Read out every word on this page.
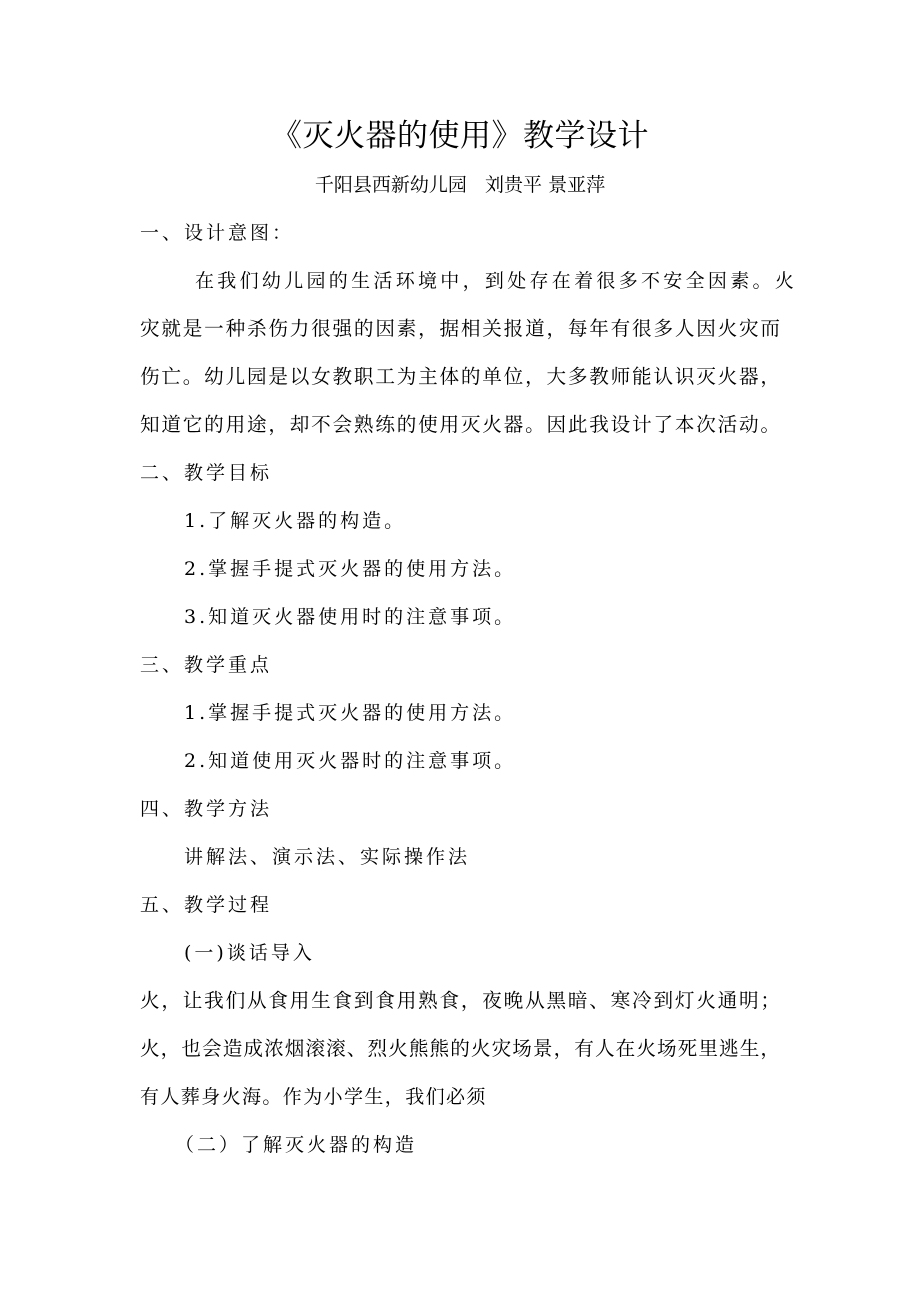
《灭火器的使用》教学设计
千阳县西新幼儿园   刘贵平 景亚萍
一、设计意图：
在我们幼儿园的生活环境中，到处存在着很多不安全因素。火
灾就是一种杀伤力很强的因素，据相关报道，每年有很多人因火灾而
伤亡。幼儿园是以女教职工为主体的单位，大多教师能认识灭火器，
知道它的用途，却不会熟练的使用灭火器。因此我设计了本次活动。
二、教学目标
1.了解灭火器的构造。
2.掌握手提式灭火器的使用方法。
3.知道灭火器使用时的注意事项。
三、教学重点
1.掌握手提式灭火器的使用方法。
2.知道使用灭火器时的注意事项。
四、教学方法
讲解法、演示法、实际操作法
五、教学过程
(一)谈话导入
火，让我们从食用生食到食用熟食，夜晚从黑暗、寒冷到灯火通明；
火，也会造成浓烟滚滚、烈火熊熊的火灾场景，有人在火场死里逃生，
有人葬身火海。作为小学生，我们必须
（二）了解灭火器的构造
